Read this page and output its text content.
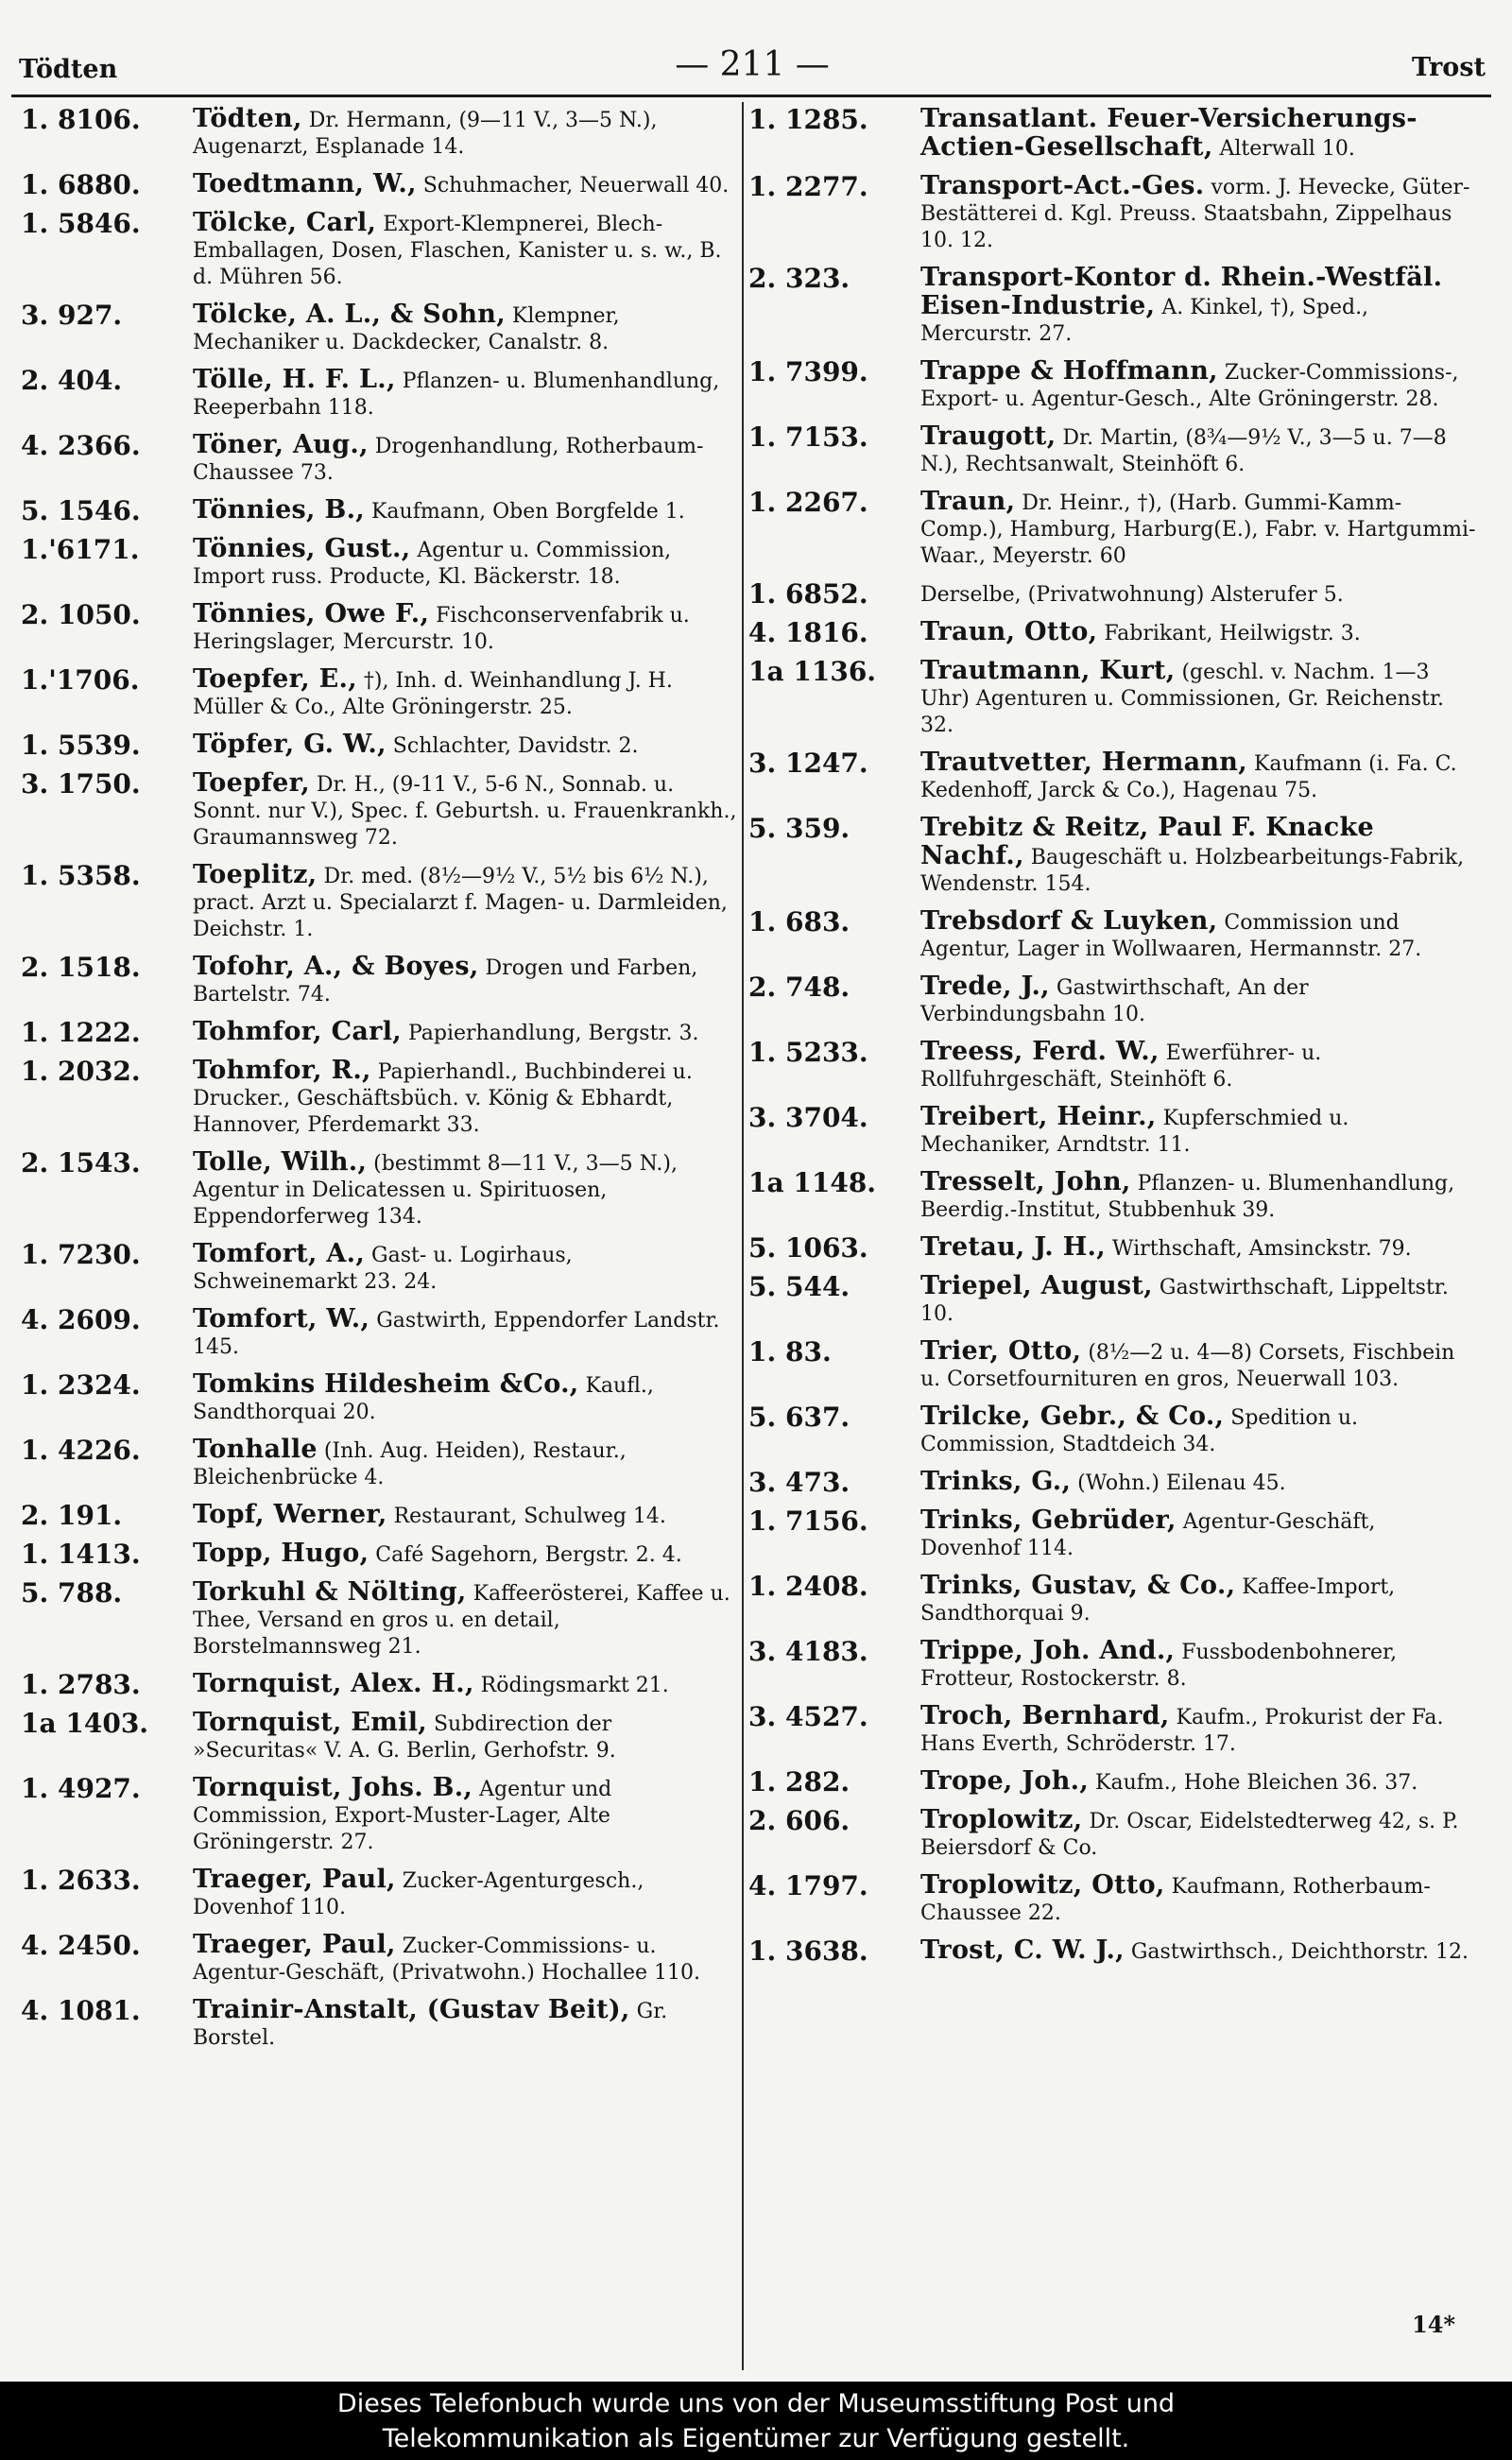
Tödten	— 211 —	Trost
1. 8106. Tödten, Dr. Hermann, (9—11 V., 3—5 N.), Augenarzt, Esplanade 14.
1. 6880. Toedtmann, W., Schuhmacher, Neuerwall 40.
1. 5846. Tölcke, Carl, Export-Klempnerei, Blech-Emballagen, Dosen, Flaschen, Kanister u. s. w., B. d. Mühren 56.
3. 927.	Tölcke, A. L., & Sohn, Klempner, Mechaniker u. Dackdecker, Canalstr. 8.
2. 404.	Tölle, H. F. L., Pflanzen- u. Blumenhandlung, Reeperbahn 118.
4. 2366. Töner, Aug., Drogenhandlung, Rotherbaum-Chaussee 73.
5. 1546. Tönnies, B., Kaufmann, Oben Borgfelde 1.
1.'6171. Tönnies, Gust., Agentur u. Commission, Import russ. Producte, Kl. Bäckerstr. 18.
2. 1050. Tönnies, Owe F., Fischconservenfabrik u. Heringslager, Mercurstr. 10.
1.'1706. Toepfer, E., †), Inh. d. Weinhandlung J. H. Müller & Co., Alte Gröningerstr. 25.
1. 5539. Töpfer, G. W., Schlachter, Davidstr. 2.
3. 1750. Toepfer, Dr. H., (9-11 V., 5-6 N., Sonnab. u. Sonnt. nur V.), Spec. f. Geburtsh. u. Frauenkrankh., Graumannsweg 72.
1. 5358. Toeplitz, Dr. med. (8½—9½ V., 5½ bis 6½ N.), pract. Arzt u. Specialarzt f. Magen- u. Darmleiden, Deichstr. 1.
2. 1518. Tofohr, A., & Boyes, Drogen und Farben, Bartelstr. 74.
1. 1222. Tohmfor, Carl, Papierhandlung, Bergstr. 3.
1. 2032. Tohmfor, R., Papierhandl., Buchbinderei u. Drucker., Geschäftsbüch. v. König & Ebhardt, Hannover, Pferdemarkt 33.
2. 1543. Tolle, Wilh., (bestimmt 8—11 V., 3—5 N.), Agentur in Delicatessen u. Spirituosen, Eppendorferweg 134.
1. 7230. Tomfort, A., Gast- u. Logirhaus, Schweinemarkt 23. 24.
4. 2609. Tomfort, W., Gastwirth, Eppendorfer Landstr. 145.
1. 2324. Tomkins Hildesheim &Co., Kaufl., Sandthorquai 20.
1. 4226. Tonhalle (Inh. Aug. Heiden), Restaur., Bleichenbrücke 4.
2. 191.	Topf, Werner, Restaurant, Schulweg 14.
1. 1413. Topp, Hugo, Café Sagehorn, Bergstr. 2. 4.
5. 788.	Torkuhl & Nölting, Kaffeerösterei, Kaffee u. Thee, Versand en gros u. en detail, Borstelmannsweg 21.
1. 2783. Tornquist, Alex. H., Rödingsmarkt 21.
1a 1403. Tornquist, Emil, Subdirection der »Securitas« V. A. G. Berlin, Gerhofstr. 9.
1. 4927. Tornquist, Johs. B., Agentur und Commission, Export-Muster-Lager, Alte Gröningerstr. 27.
1. 2633. Traeger, Paul, Zucker-Agenturgesch., Dovenhof 110.
4. 2450. Traeger, Paul, Zucker-Commissions- u. Agentur-Geschäft, (Privatwohn.) Hochallee 110.
4. 1081. Trainir-Anstalt, (Gustav Beit), Gr. Borstel.
1. 1285. Transatlant. Feuer-Versicherungs-Actien-Gesellschaft, Alterwall 10.
1. 2277. Transport-Act.-Ges. vorm. J. Hevecke, Güter-Bestätterei d. Kgl. Preuss. Staatsbahn, Zippelhaus 10. 12.
2. 323.	Transport-Kontor d. Rhein.-Westfäl. Eisen-Industrie, A. Kinkel, †), Sped., Mercurstr. 27.
1. 7399. Trappe & Hoffmann, Zucker-Commissions-, Export- u. Agentur-Gesch., Alte Gröningerstr. 28.
1. 7153. Traugott, Dr. Martin, (8¾—9½ V., 3—5 u. 7—8 N.), Rechtsanwalt, Steinhöft 6.
1. 2267. Traun, Dr. Heinr., †), (Harb. Gummi-Kamm-Comp.), Hamburg, Harburg(E.), Fabr. v. Hartgummi-Waar., Meyerstr. 60
1. 6852.	Derselbe, (Privatwohnung) Alsterufer 5.
4. 1816. Traun, Otto, Fabrikant, Heilwigstr. 3.
1a 1136. Trautmann, Kurt, (geschl. v. Nachm. 1—3 Uhr) Agenturen u. Commissionen, Gr. Reichenstr. 32.
3. 1247. Trautvetter, Hermann, Kaufmann (i. Fa. C. Kedenhoff, Jarck & Co.), Hagenau 75.
5. 359.	Trebitz & Reitz, Paul F. Knacke Nachf., Baugeschäft u. Holzbearbeitungs-Fabrik, Wendenstr. 154.
1. 683.	Trebsdorf & Luyken, Commission und Agentur, Lager in Wollwaaren, Hermannstr. 27.
2. 748.	Trede, J., Gastwirthschaft, An der Verbindungsbahn 10.
1. 5233. Treess, Ferd. W., Ewerführer- u. Rollfuhrgeschäft, Steinhöft 6.
3. 3704. Treibert, Heinr., Kupferschmied u. Mechaniker, Arndtstr. 11.
1a 1148. Tresselt, John, Pflanzen- u. Blumenhandlung, Beerdig.-Institut, Stubbenhuk 39.
5. 1063. Tretau, J. H., Wirthschaft, Amsinckstr. 79.
5. 544.	Triepel, August, Gastwirthschaft, Lippeltstr. 10.
1. 83.	Trier, Otto, (8½—2 u. 4—8) Corsets, Fischbein u. Corsetfournituren en gros, Neuerwall 103.
5. 637.	Trilcke, Gebr., & Co., Spedition u. Commission, Stadtdeich 34.
3. 473.	Trinks, G., (Wohn.) Eilenau 45.
1. 7156. Trinks, Gebrüder, Agentur-Geschäft, Dovenhof 114.
1. 2408. Trinks, Gustav, & Co., Kaffee-Import, Sandthorquai 9.
3. 4183. Trippe, Joh. And., Fussbodenbohnerer, Frotteur, Rostockerstr. 8.
3. 4527. Troch, Bernhard, Kaufm., Prokurist der Fa. Hans Everth, Schröderstr. 17.
1. 282.	Trope, Joh., Kaufm., Hohe Bleichen 36. 37.
2. 606.	Troplowitz, Dr. Oscar, Eidelstedterweg 42, s. P. Beiersdorf & Co.
4. 1797. Troplowitz, Otto, Kaufmann, Rotherbaum-Chaussee 22.
1. 3638. Trost, C. W. J., Gastwirthsch., Deichthorstr. 12.
14*
Dieses Telefonbuch wurde uns von der Museumsstiftung Post und
Telekommunikation als Eigentümer zur Verfügung gestellt.
